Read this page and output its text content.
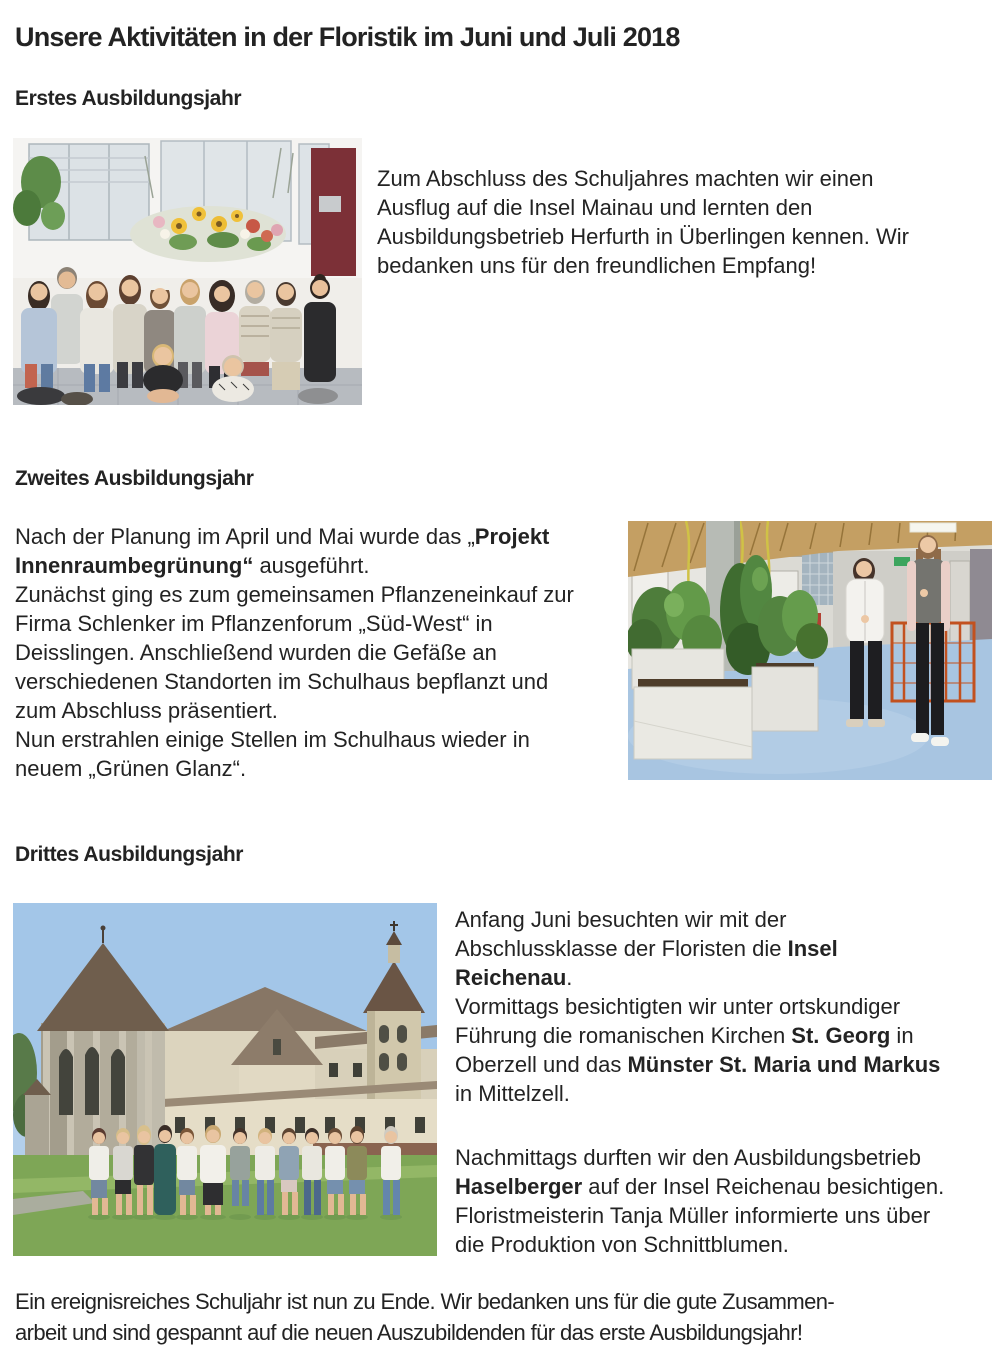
Unsere Aktivitäten in der Floristik im Juni und Juli 2018
Erstes Ausbildungsjahr
Zum Abschluss des Schuljahres machten wir einen
Ausflug auf die Insel Mainau und lernten den
Ausbildungsbetrieb Herfurth in Überlingen kennen. Wir
bedanken uns für den freundlichen Empfang!
Zweites Ausbildungsjahr
Nach der Planung im April und Mai wurde das „Projekt
Innenraumbegrünung“ ausgeführt.
Zunächst ging es zum gemeinsamen Pflanzeneinkauf zur
Firma Schlenker im Pflanzenforum „Süd-West“ in
Deisslingen. Anschließend wurden die Gefäße an
verschiedenen Standorten im Schulhaus bepflanzt und
zum Abschluss präsentiert.
Nun erstrahlen einige Stellen im Schulhaus wieder in
neuem „Grünen Glanz“.
Drittes Ausbildungsjahr
Anfang Juni besuchten wir mit der
Abschlussklasse der Floristen die Insel
Reichenau.
Vormittags besichtigten wir unter ortskundiger
Führung die romanischen Kirchen St. Georg in
Oberzell und das Münster St. Maria und Markus
in Mittelzell.
Nachmittags durften wir den Ausbildungsbetrieb
Haselberger auf der Insel Reichenau besichtigen.
Floristmeisterin Tanja Müller informierte uns über
die Produktion von Schnittblumen.
Ein ereignisreiches Schuljahr ist nun zu Ende. Wir bedanken uns für die gute Zusammen-
arbeit und sind gespannt auf die neuen Auszubildenden für das erste Ausbildungsjahr!
